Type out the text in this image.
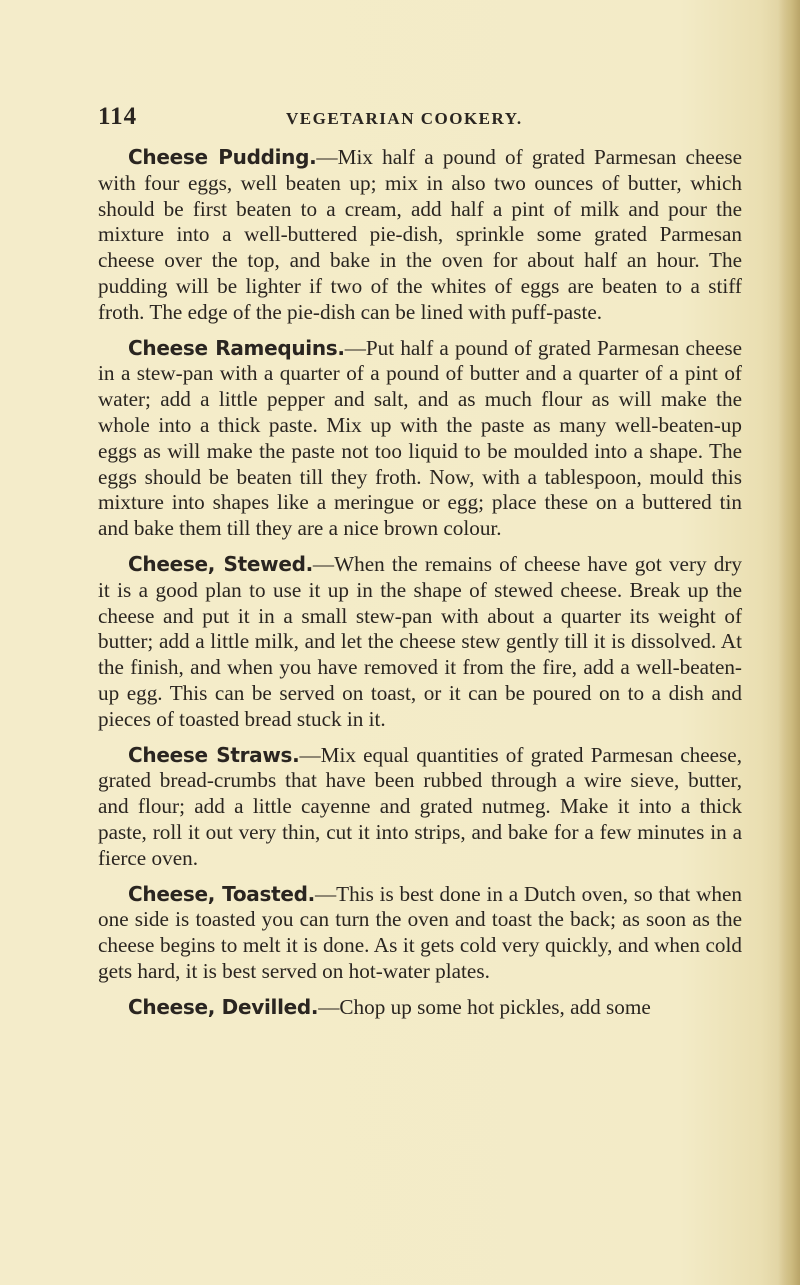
114	VEGETARIAN COOKERY.

Cheese Pudding.—Mix half a pound of grated Parmesan cheese with four eggs, well beaten up; mix in also two ounces of butter, which should be first beaten to a cream, add half a pint of milk and pour the mixture into a well-buttered pie-dish, sprinkle some grated Parmesan cheese over the top, and bake in the oven for about half an hour. The pudding will be lighter if two of the whites of eggs are beaten to a stiff froth. The edge of the pie-dish can be lined with puff-paste.

Cheese Ramequins.—Put half a pound of grated Parmesan cheese in a stew-pan with a quarter of a pound of butter and a quarter of a pint of water; add a little pepper and salt, and as much flour as will make the whole into a thick paste. Mix up with the paste as many well-beaten-up eggs as will make the paste not too liquid to be moulded into a shape. The eggs should be beaten till they froth. Now, with a tablespoon, mould this mixture into shapes like a meringue or egg; place these on a buttered tin and bake them till they are a nice brown colour.

Cheese, Stewed.—When the remains of cheese have got very dry it is a good plan to use it up in the shape of stewed cheese. Break up the cheese and put it in a small stew-pan with about a quarter its weight of butter; add a little milk, and let the cheese stew gently till it is dissolved. At the finish, and when you have removed it from the fire, add a well-beaten-up egg. This can be served on toast, or it can be poured on to a dish and pieces of toasted bread stuck in it.

Cheese Straws.—Mix equal quantities of grated Parmesan cheese, grated bread-crumbs that have been rubbed through a wire sieve, butter, and flour; add a little cayenne and grated nutmeg. Make it into a thick paste, roll it out very thin, cut it into strips, and bake for a few minutes in a fierce oven.

Cheese, Toasted.—This is best done in a Dutch oven, so that when one side is toasted you can turn the oven and toast the back; as soon as the cheese begins to melt it is done. As it gets cold very quickly, and when cold gets hard, it is best served on hot-water plates.

Cheese, Devilled.—Chop up some hot pickles, add some
